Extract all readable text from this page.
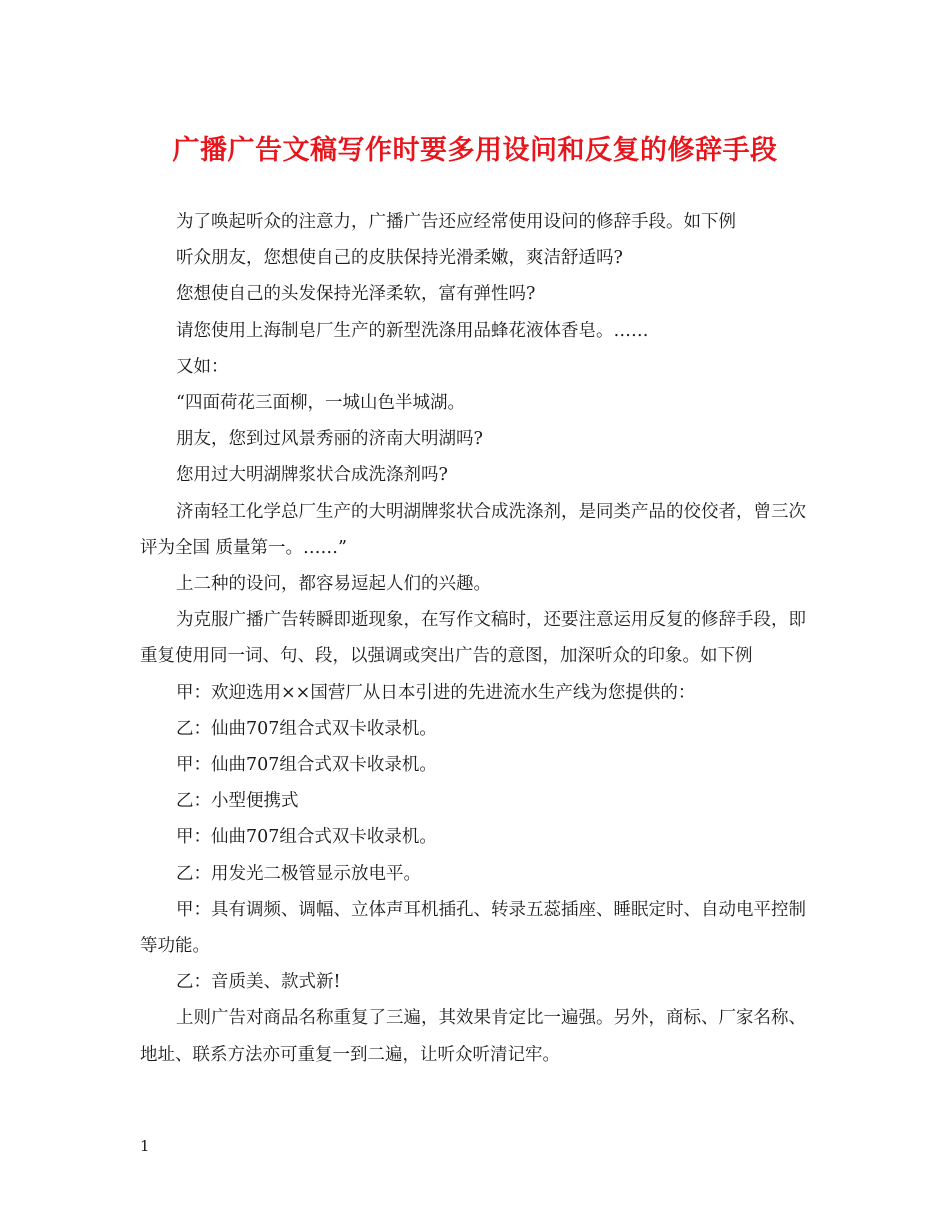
广播广告文稿写作时要多用设问和反复的修辞手段

为了唤起听众的注意力，广播广告还应经常使用设问的修辞手段。如下例

听众朋友，您想使自己的皮肤保持光滑柔嫩，爽洁舒适吗?

您想使自己的头发保持光泽柔软，富有弹性吗?

请您使用上海制皂厂生产的新型洗涤用品蜂花液体香皂。……

又如：

“四面荷花三面柳，一城山色半城湖。

朋友，您到过风景秀丽的济南大明湖吗?

您用过大明湖牌浆状合成洗涤剂吗?

济南轻工化学总厂生产的大明湖牌浆状合成洗涤剂，是同类产品的佼佼者，曾三次评为全国 质量第一。……”

上二种的设问，都容易逗起人们的兴趣。

为克服广播广告转瞬即逝现象，在写作文稿时，还要注意运用反复的修辞手段，即重复使用同一词、句、段，以强调或突出广告的意图，加深听众的印象。如下例

甲：欢迎选用××国营厂从日本引进的先进流水生产线为您提供的：

乙：仙曲707组合式双卡收录机。

甲：仙曲707组合式双卡收录机。

乙：小型便携式

甲：仙曲707组合式双卡收录机。

乙：用发光二极管显示放电平。

甲：具有调频、调幅、立体声耳机插孔、转录五蕊插座、睡眠定时、自动电平控制等功能。

乙：音质美、款式新!

上则广告对商品名称重复了三遍，其效果肯定比一遍强。另外，商标、厂家名称、地址、联系方法亦可重复一到二遍，让听众听清记牢。

1
